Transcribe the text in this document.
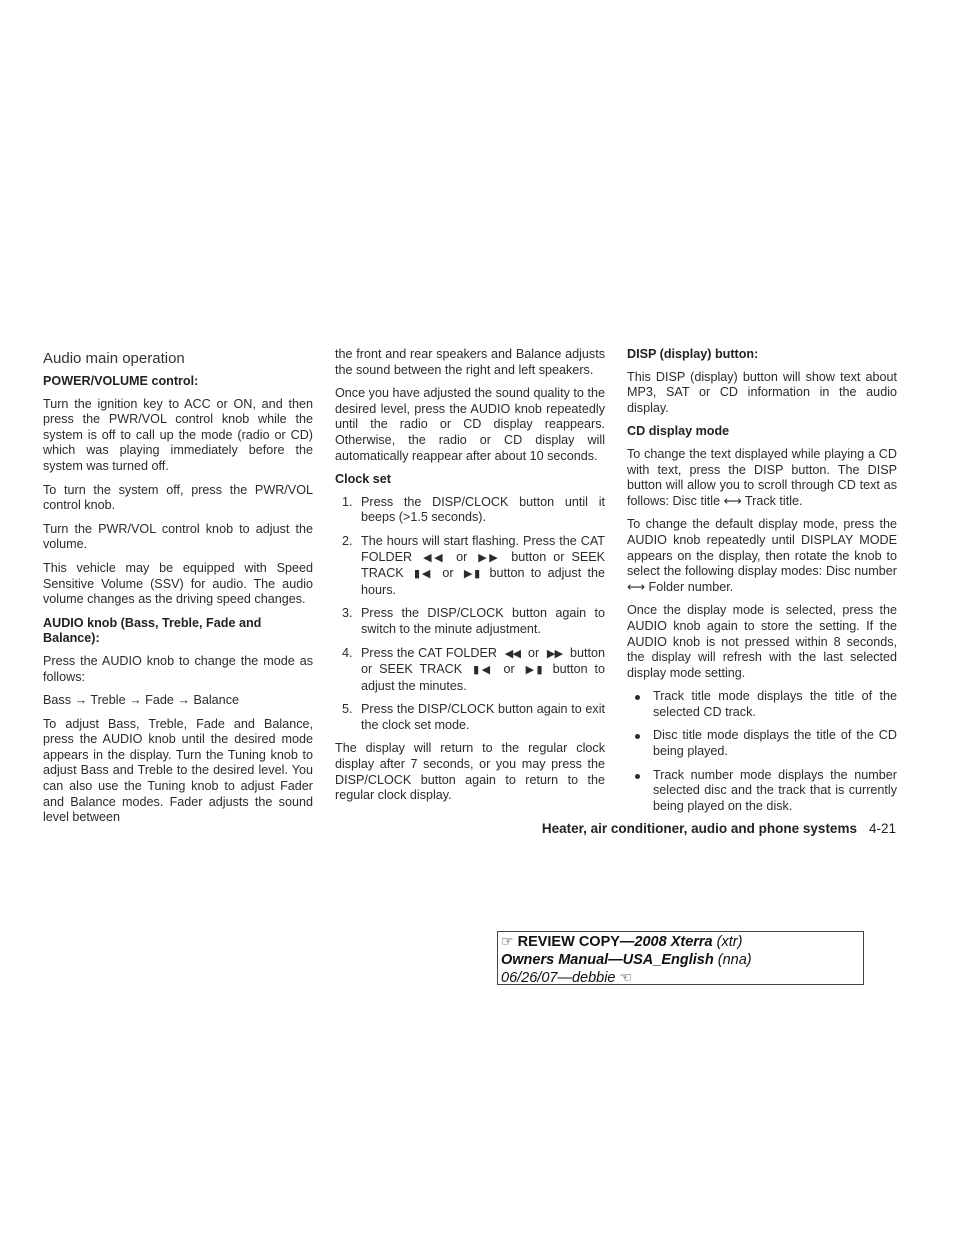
Audio main operation
POWER/VOLUME control:

Turn the ignition key to ACC or ON, and then press the PWR/VOL control knob while the system is off to call up the mode (radio or CD) which was playing immediately before the system was turned off.

To turn the system off, press the PWR/VOL control knob.

Turn the PWR/VOL control knob to adjust the volume.

This vehicle may be equipped with Speed Sensitive Volume (SSV) for audio. The audio volume changes as the driving speed changes.

AUDIO knob (Bass, Treble, Fade and Balance):

Press the AUDIO knob to change the mode as follows:

Bass → Treble → Fade → Balance

To adjust Bass, Treble, Fade and Balance, press the AUDIO knob until the desired mode appears in the display. Turn the Tuning knob to adjust Bass and Treble to the desired level. You can also use the Tuning knob to adjust Fader and Balance modes. Fader adjusts the sound level between

the front and rear speakers and Balance adjusts the sound between the right and left speakers.

Once you have adjusted the sound quality to the desired level, press the AUDIO knob repeatedly until the radio or CD display reappears. Otherwise, the radio or CD display will automatically reappear after about 10 seconds.

Clock set
1. Press the DISP/CLOCK button until it beeps (>1.5 seconds).
2. The hours will start flashing. Press the CAT FOLDER ◀◀ or ▶▶ button or SEEK TRACK ▮◀ or ▶▮ button to adjust the hours.
3. Press the DISP/CLOCK button again to switch to the minute adjustment.
4. Press the CAT FOLDER ◀◀ or ▶▶ button or SEEK TRACK ▮◀ or ▶▮ button to adjust the minutes.
5. Press the DISP/CLOCK button again to exit the clock set mode.

The display will return to the regular clock display after 7 seconds, or you may press the DISP/CLOCK button again to return to the regular clock display.

DISP (display) button:

This DISP (display) button will show text about MP3, SAT or CD information in the audio display.

CD display mode

To change the text displayed while playing a CD with text, press the DISP button. The DISP button will allow you to scroll through CD text as follows: Disc title ⟷ Track title.

To change the default display mode, press the AUDIO knob repeatedly until DISPLAY MODE appears on the display, then rotate the knob to select the following display modes: Disc number ⟷ Folder number.

Once the display mode is selected, press the AUDIO knob again to store the setting. If the AUDIO knob is not pressed within 8 seconds, the display will refresh with the last selected display mode setting.

Track title mode displays the title of the selected CD track.
Disc title mode displays the title of the CD being played.
Track number mode displays the number selected disc and the track that is currently being played on the disk.
Heater, air conditioner, audio and phone systems 4-21
☞ REVIEW COPY—2008 Xterra (xtr)
Owners Manual—USA_English (nna)
06/26/07—debbie ☜
